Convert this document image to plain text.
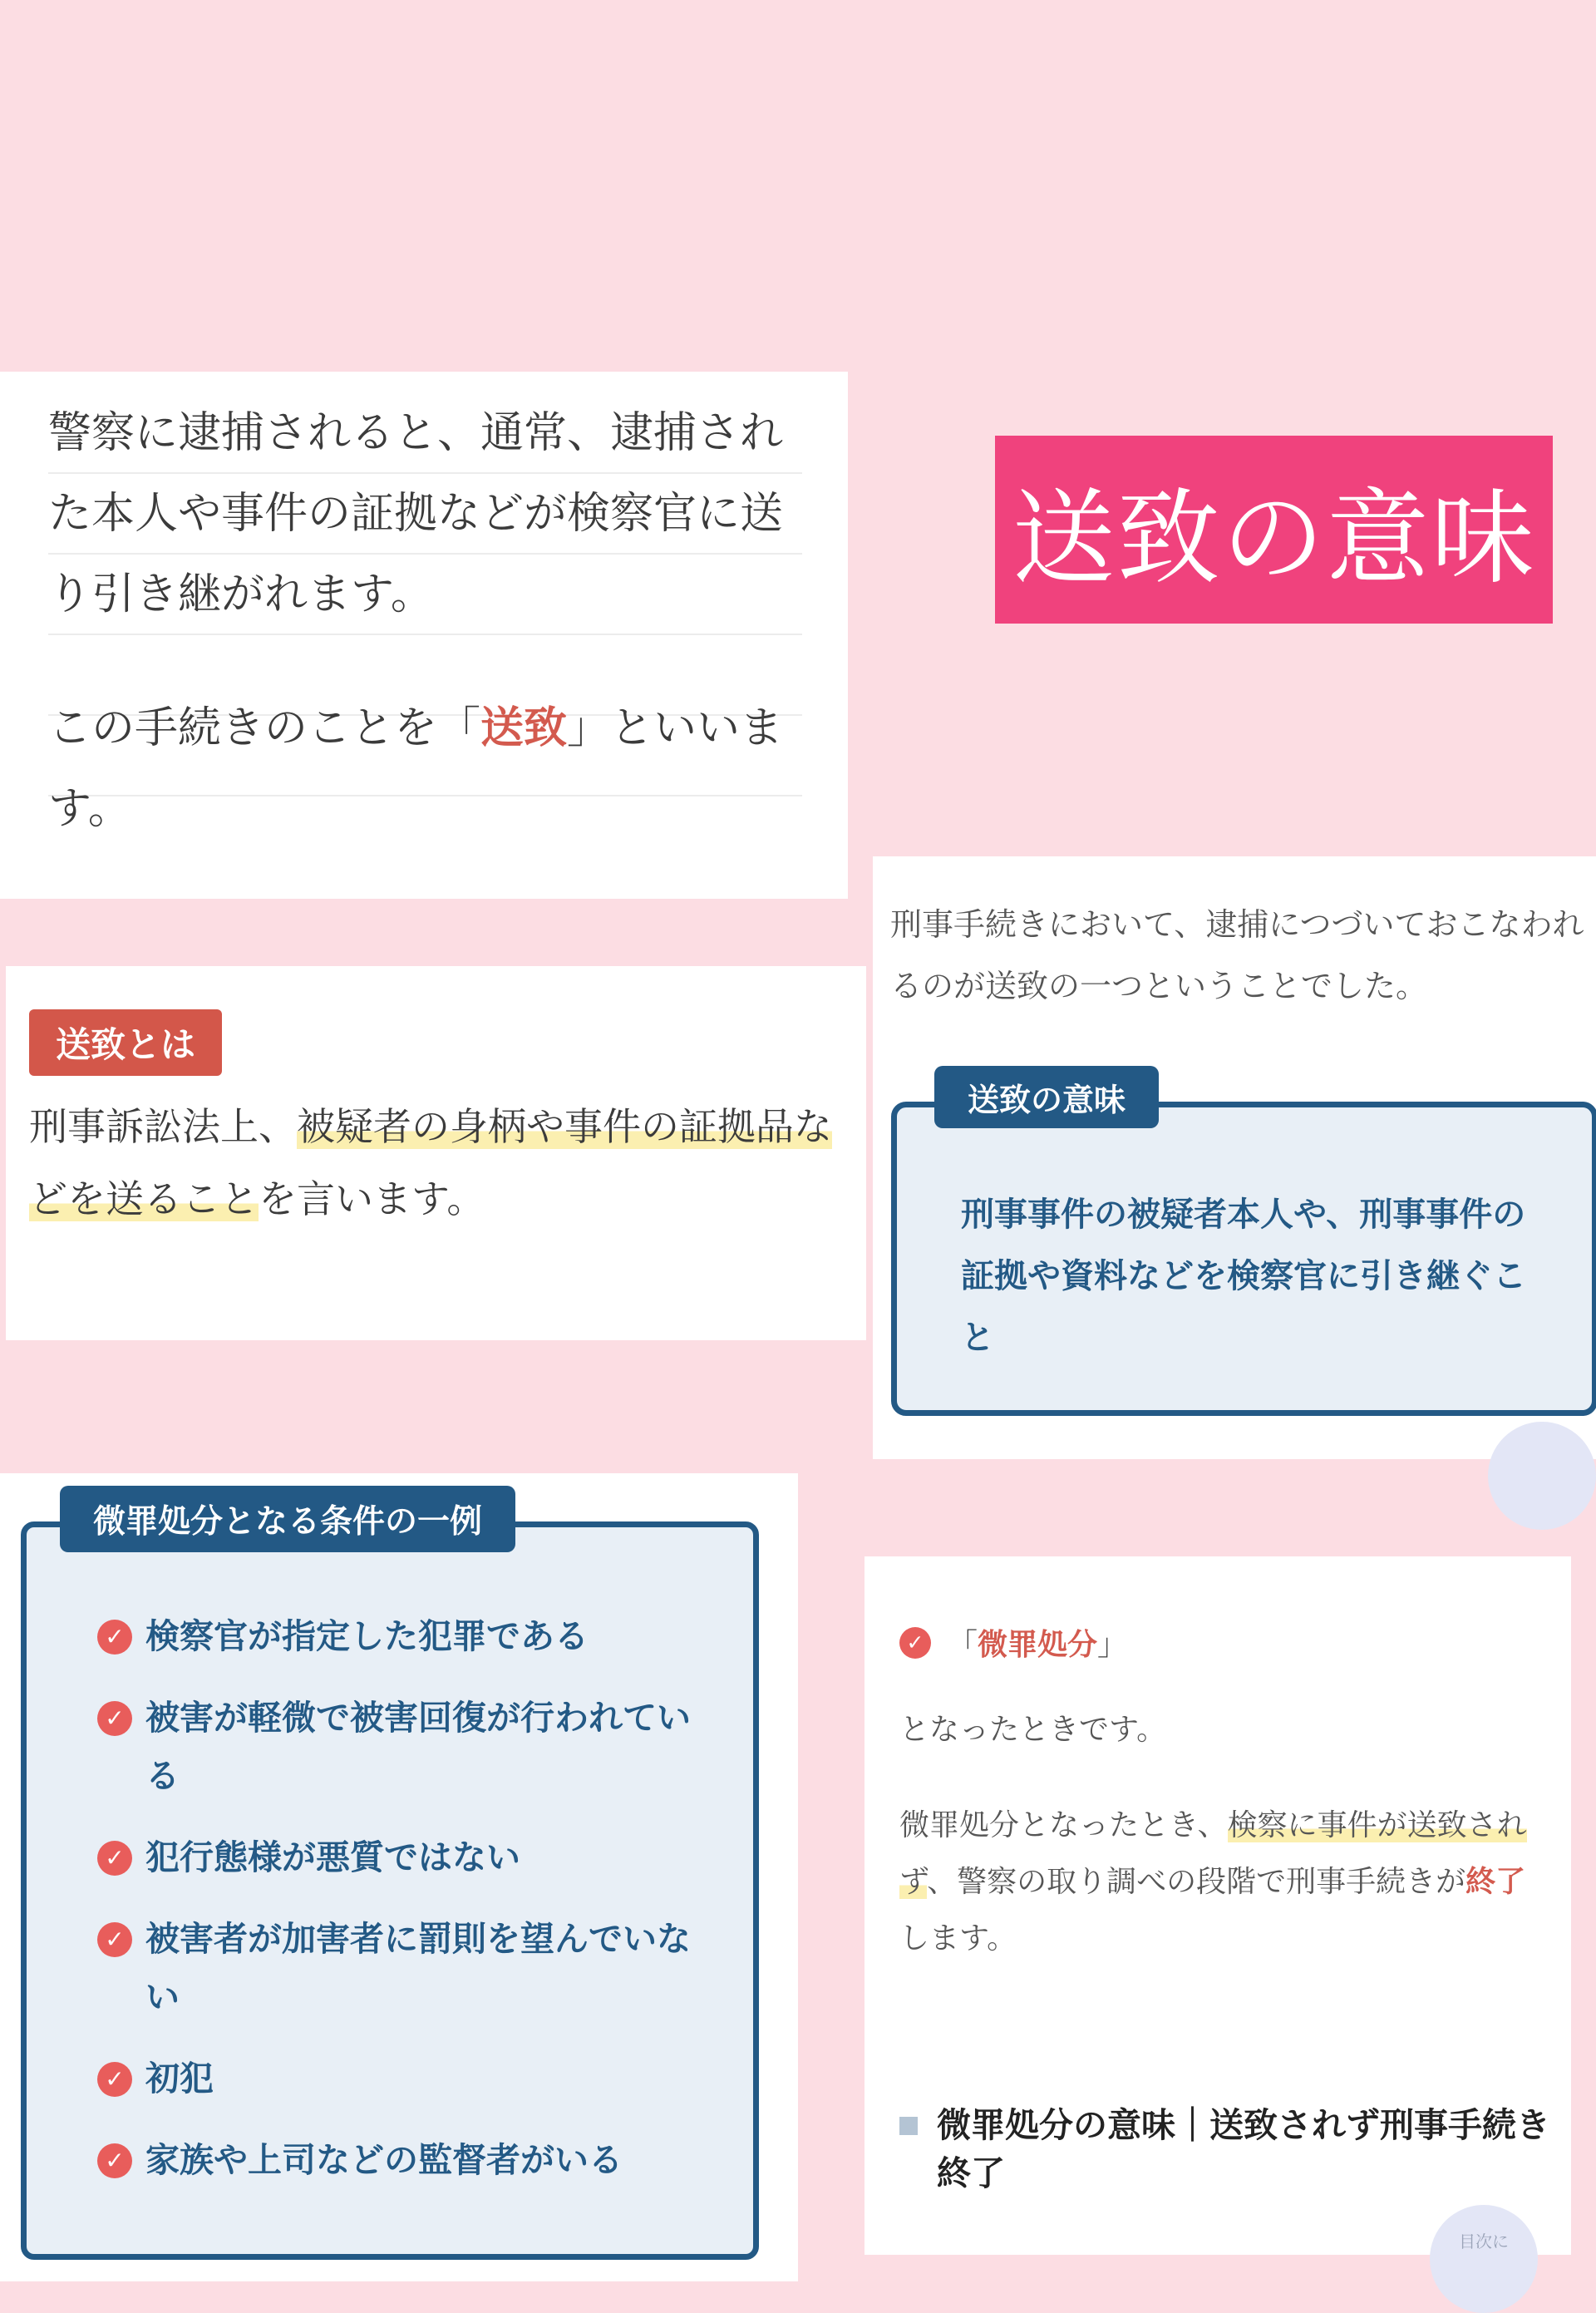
送致の意味

警察に逮捕されると、通常、逮捕された本人や事件の証拠などが検察官に送り引き継がれます。

この手続きのことを「送致」といいます。

送致とは

刑事訴訟法上、被疑者の身柄や事件の証拠品などを送ることを言います。

刑事手続きにおいて、逮捕につづいておこなわれるのが送致の一つということでした。

送致の意味

刑事事件の被疑者本人や、刑事事件の証拠や資料などを検察官に引き継ぐこと

微罪処分となる条件の一例
✓ 検察官が指定した犯罪である
✓ 被害が軽微で被害回復が行われている
✓ 犯行態様が悪質ではない
✓ 被害者が加害者に罰則を望んでいない
✓ 初犯
✓ 家族や上司などの監督者がいる
✓ 「 微罪処分 」

となったときです。

微罪処分となったとき、検察に事件が送致されず、警察の取り調べの段階で刑事手続きが終了します。

微罪処分の意味｜送致されず刑事手続き終了
目次に
